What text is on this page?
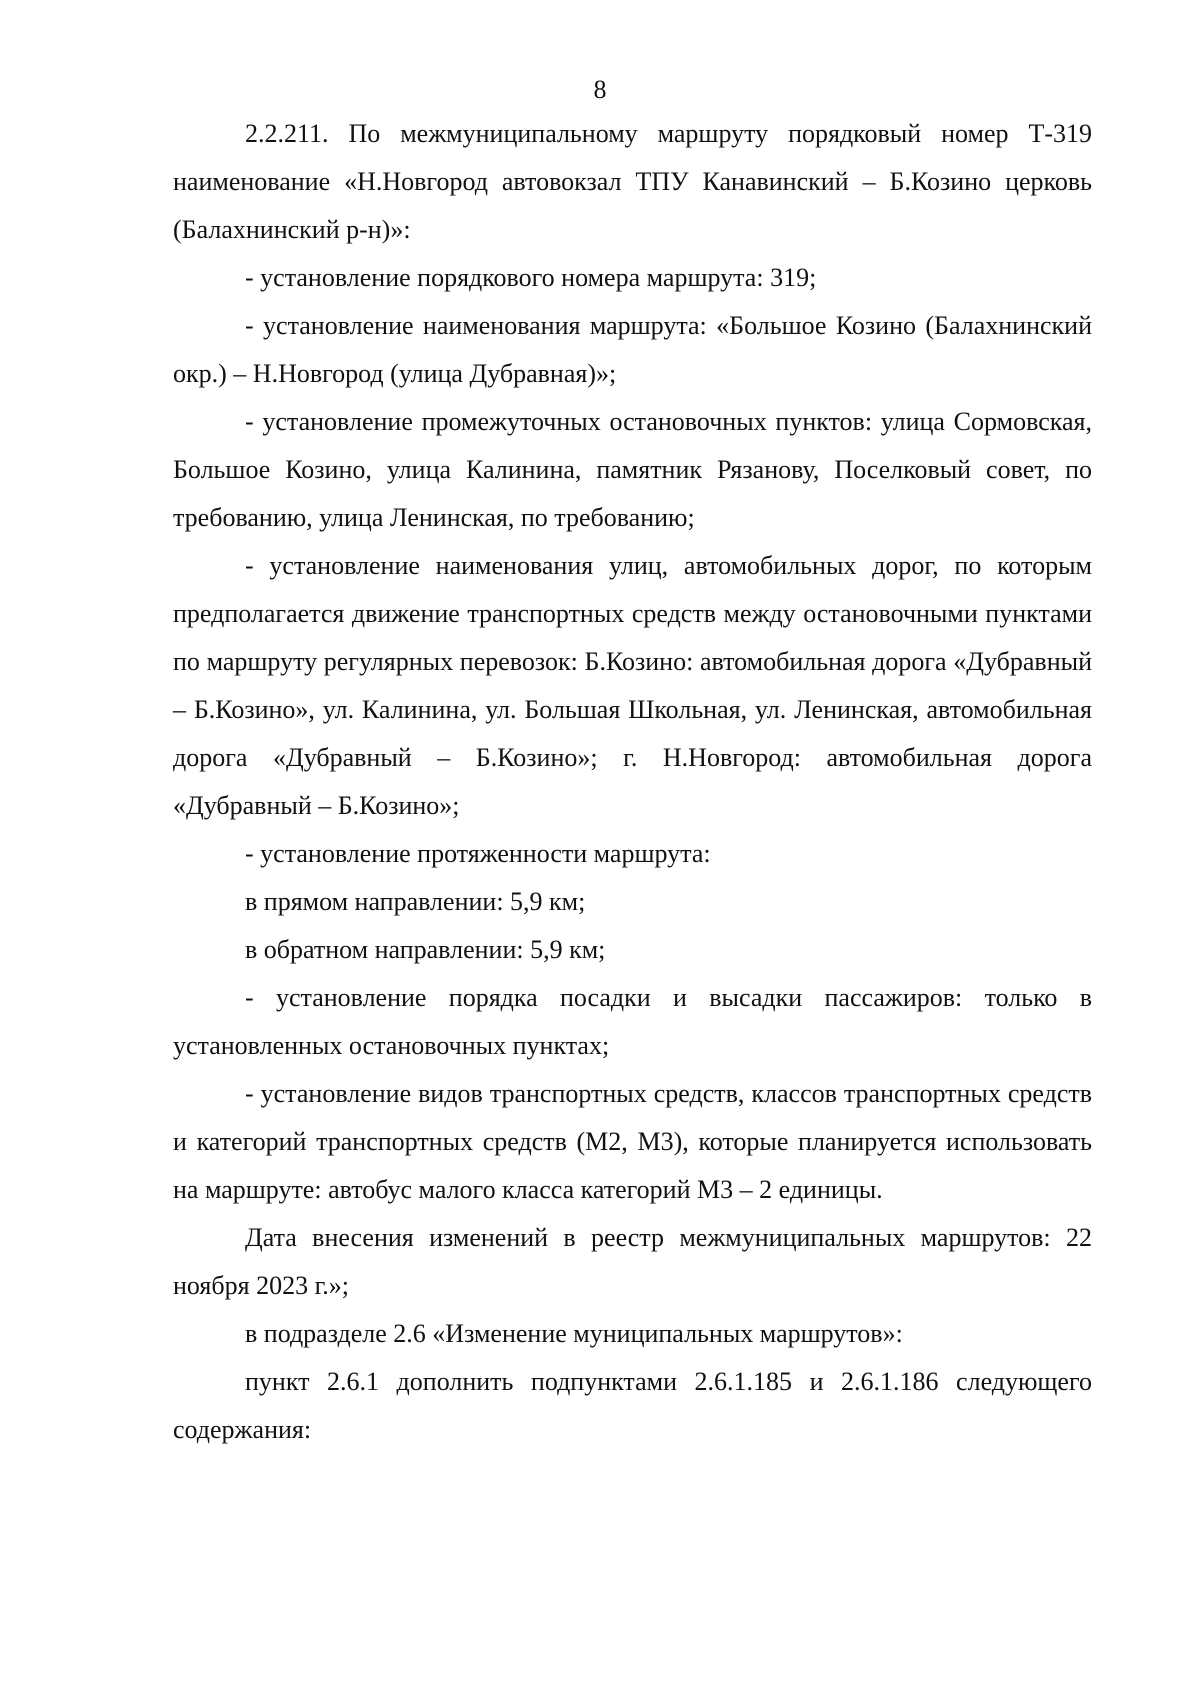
8

2.2.211. По межмуниципальному маршруту порядковый номер Т-319 наименование «Н.Новгород автовокзал ТПУ Канавинский – Б.Козино церковь (Балахнинский р-н)»:

- установление порядкового номера маршрута: 319;

- установление наименования маршрута: «Большое Козино (Балахнинский окр.) – Н.Новгород (улица Дубравная)»;

- установление промежуточных остановочных пунктов: улица Сормовская, Большое Козино, улица Калинина, памятник Рязанову, Поселковый совет, по требованию, улица Ленинская, по требованию;

- установление наименования улиц, автомобильных дорог, по которым предполагается движение транспортных средств между остановочными пунктами по маршруту регулярных перевозок: Б.Козино: автомобильная дорога «Дубравный – Б.Козино», ул. Калинина, ул. Большая Школьная, ул. Ленинская, автомобильная дорога «Дубравный – Б.Козино»; г. Н.Новгород: автомобильная дорога «Дубравный – Б.Козино»;

- установление протяженности маршрута:

в прямом направлении: 5,9 км;

в обратном направлении: 5,9 км;

- установление порядка посадки и высадки пассажиров: только в установленных остановочных пунктах;

- установление видов транспортных средств, классов транспортных средств и категорий транспортных средств (М2, М3), которые планируется использовать на маршруте: автобус малого класса категорий М3 – 2 единицы.

Дата внесения изменений в реестр межмуниципальных маршрутов: 22 ноября 2023 г.»;

в подразделе 2.6 «Изменение муниципальных маршрутов»:

пункт 2.6.1 дополнить подпунктами 2.6.1.185 и 2.6.1.186 следующего содержания:
